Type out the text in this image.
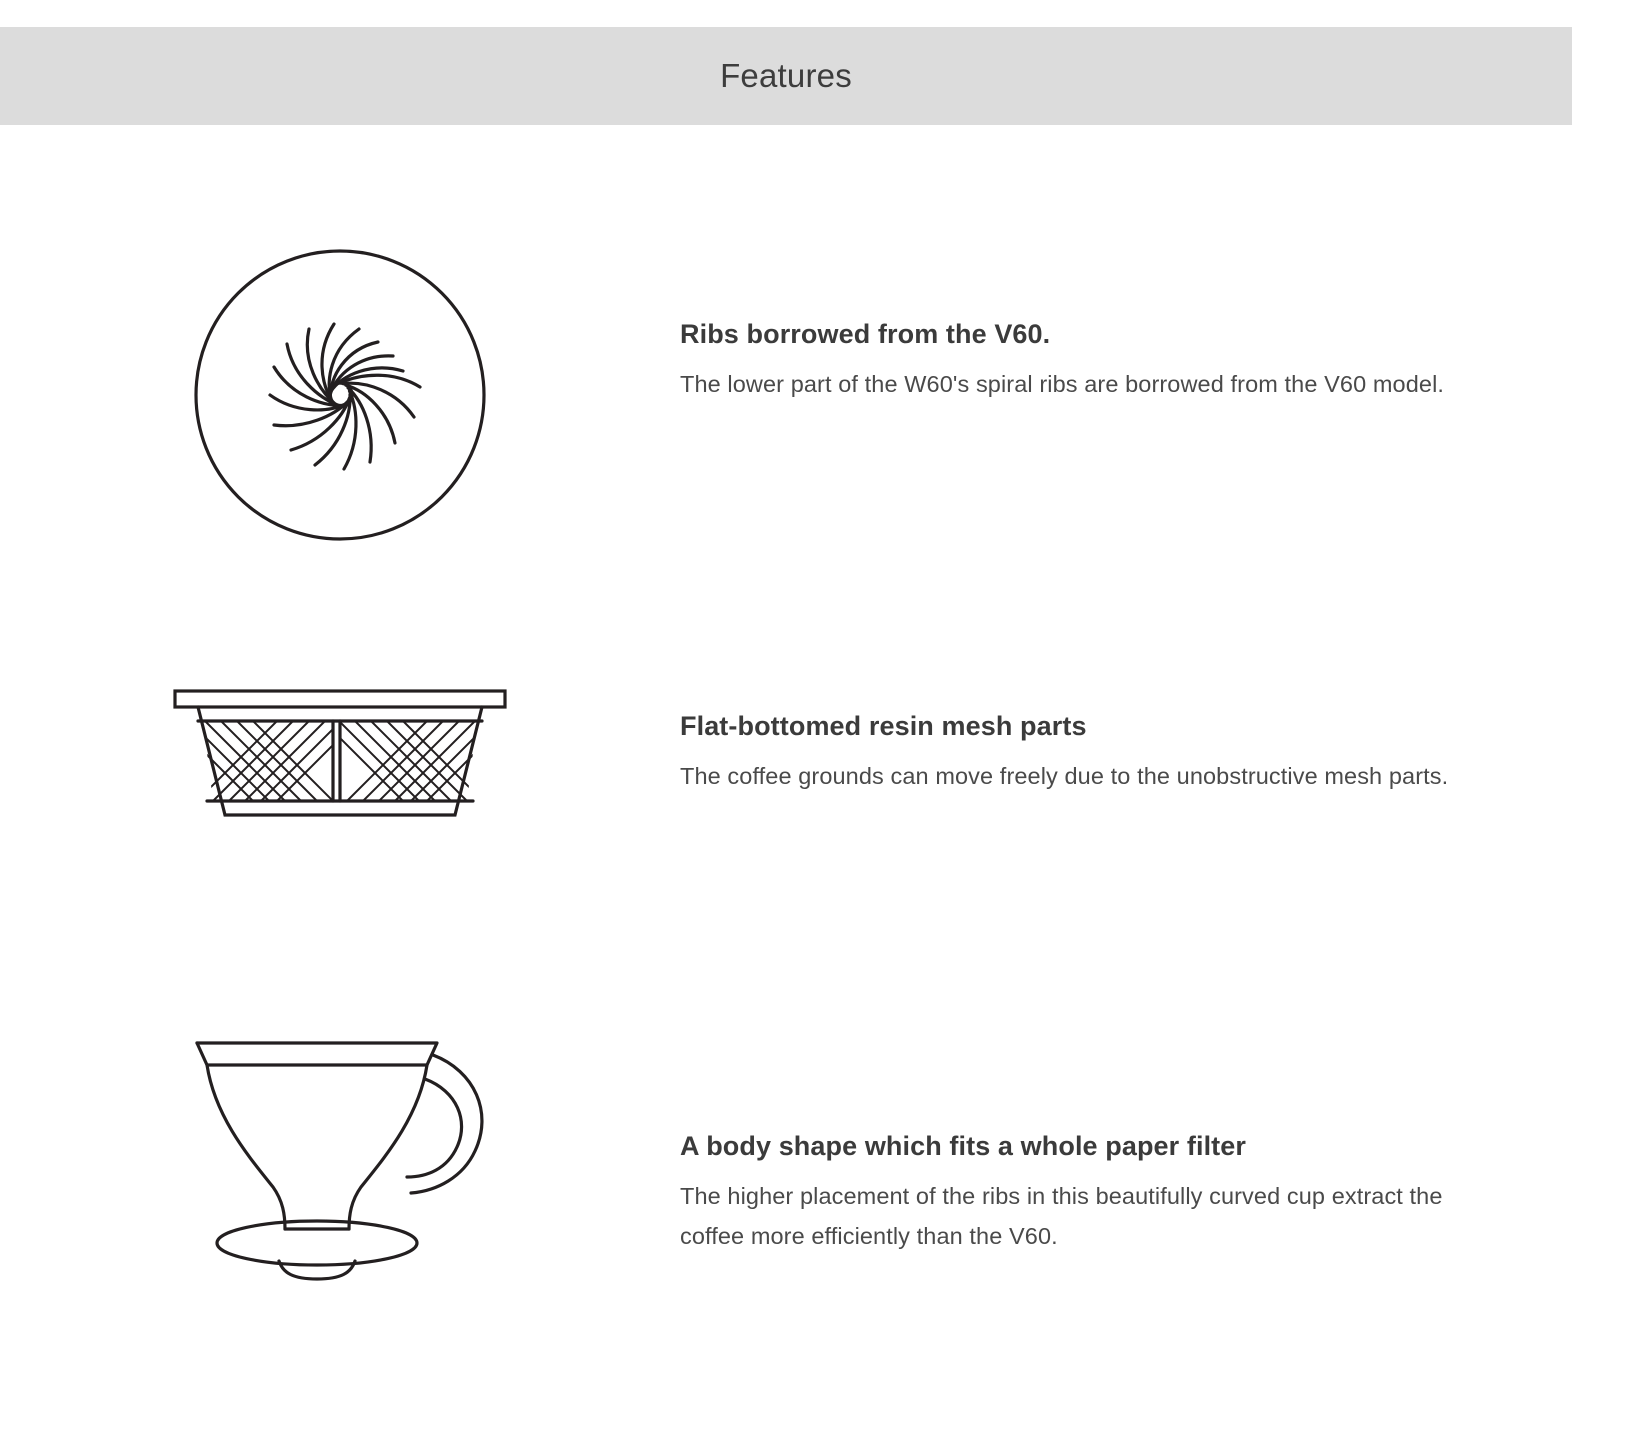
Features
Ribs borrowed from the V60.

The lower part of the W60's spiral ribs are borrowed from the V60 model.

Flat-bottomed resin mesh parts

The coffee grounds can move freely due to the unobstructive mesh parts.

A body shape which fits a whole paper filter

The higher placement of the ribs in this beautifully curved cup extract the coffee more efficiently than the V60.
